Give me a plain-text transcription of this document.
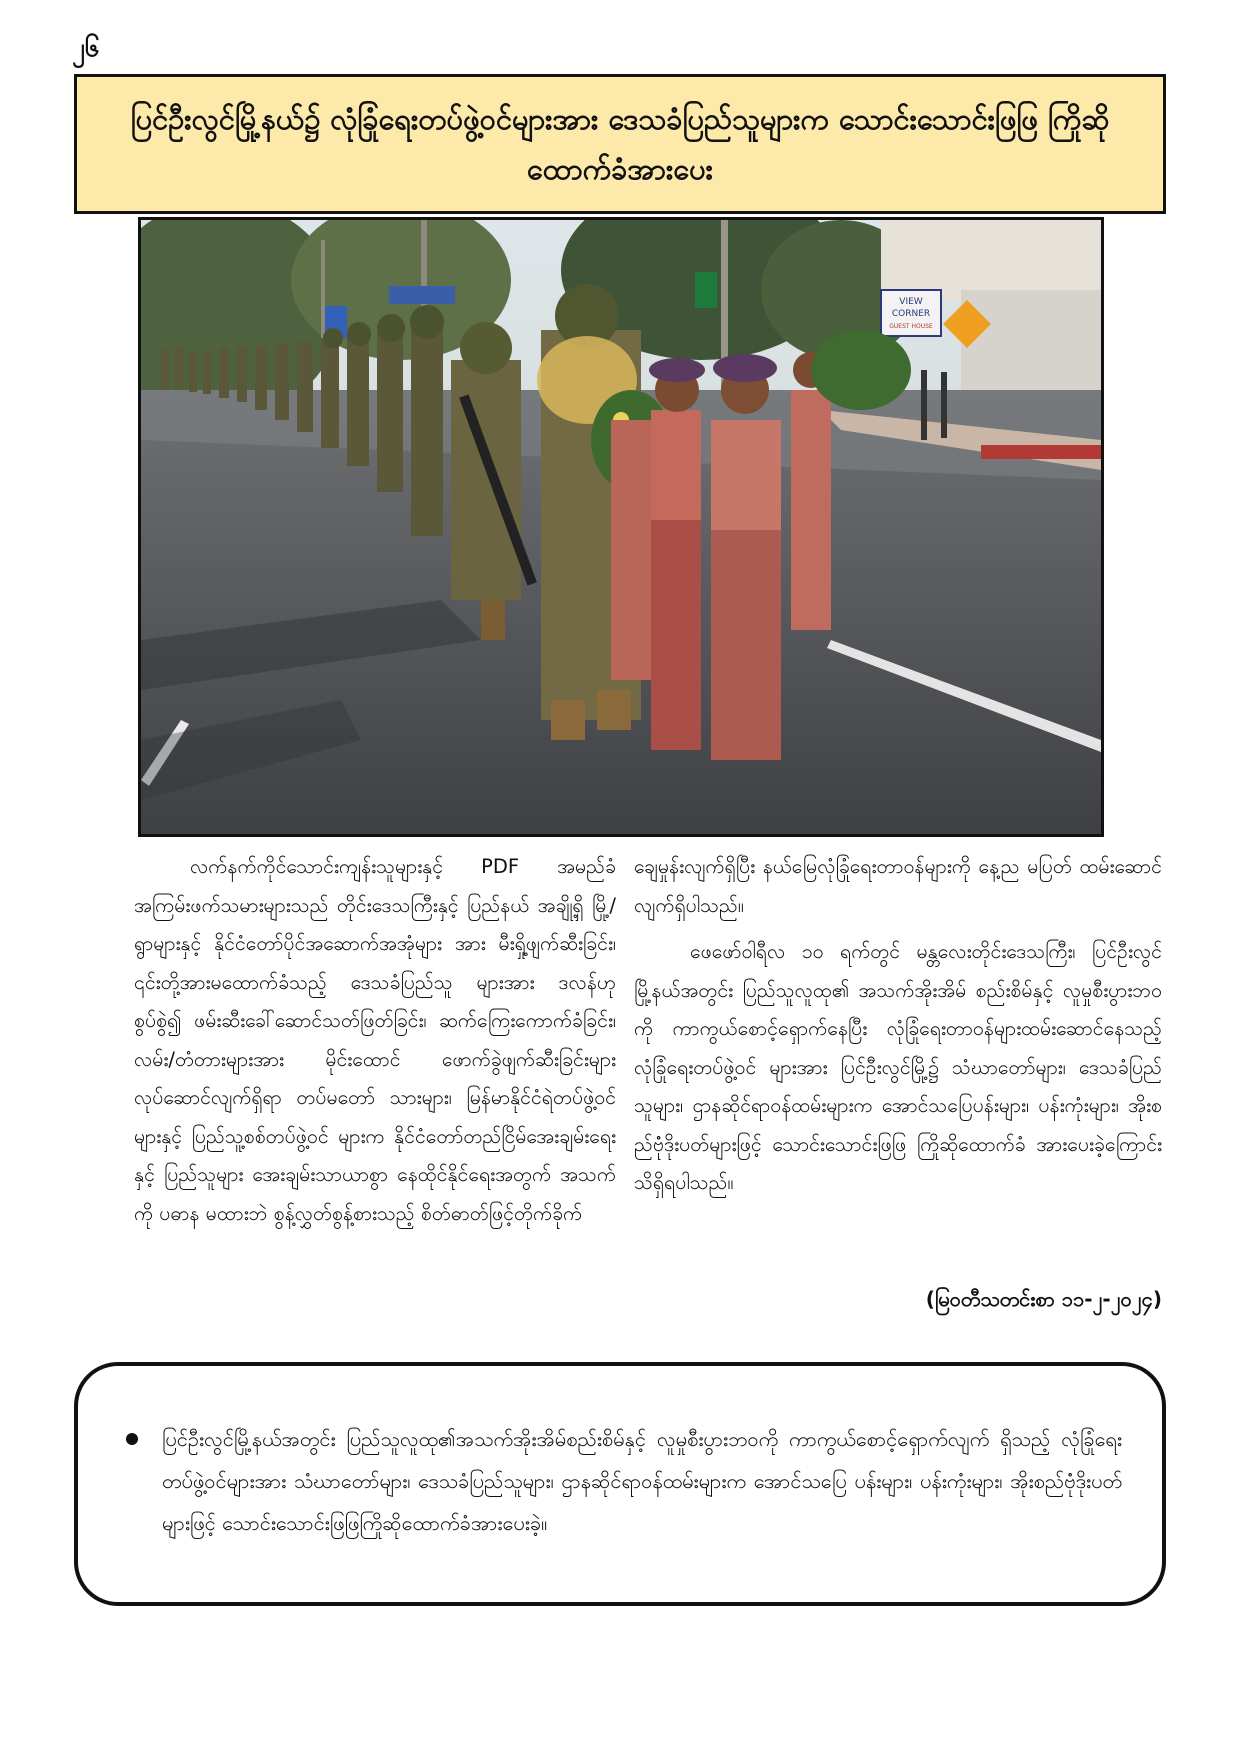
၂၆
ပြင်ဦးလွင်မြို့နယ်၌ လုံခြုံရေးတပ်ဖွဲ့ဝင်များအား ဒေသခံပြည်သူများက သောင်းသောင်းဖြဖြ ကြိုဆိုထောက်ခံအားပေး
VIEW
CORNER
GUEST HOUSE

လက်နက်ကိုင်သောင်းကျန်းသူများနှင့် PDF အမည်ခံ အကြမ်းဖက်သမားများသည် တိုင်းဒေသကြီးနှင့် ပြည်နယ် အချို့ရှိ မြို့/ရွာများနှင့် နိုင်ငံတော်ပိုင်အဆောက်အအုံများ အား မီးရှို့ဖျက်ဆီးခြင်း၊ ၎င်းတို့အားမထောက်ခံသည့် ဒေသခံပြည်သူ များအား ဒလန်ဟု စွပ်စွဲ၍ ဖမ်းဆီးခေါ်ဆောင်သတ်ဖြတ်ခြင်း၊ ဆက်ကြေးကောက်ခံခြင်း၊ လမ်း/တံတားများအား မိုင်းထောင် ဖောက်ခွဲဖျက်ဆီးခြင်းများ လုပ်ဆောင်လျက်ရှိရာ တပ်မတော် သားများ၊ မြန်မာနိုင်ငံရဲတပ်ဖွဲ့ဝင်များနှင့် ပြည်သူ့စစ်တပ်ဖွဲ့ဝင် များက နိုင်ငံတော်တည်ငြိမ်အေးချမ်းရေးနှင့် ပြည်သူများ အေးချမ်းသာယာစွာ နေထိုင်နိုင်ရေးအတွက် အသက်ကို ပဓာန မထားဘဲ စွန့်လွှတ်စွန့်စားသည့် စိတ်ဓာတ်ဖြင့်တိုက်ခိုက်

ချေမှုန်းလျက်ရှိပြီး နယ်မြေလုံခြုံရေးတာဝန်များကို နေ့ည မပြတ် ထမ်းဆောင်လျက်ရှိပါသည်။

ဖေဖော်ဝါရီလ ၁၀ ရက်တွင် မန္တလေးတိုင်းဒေသကြီး၊ ပြင်ဦးလွင်မြို့နယ်အတွင်း ပြည်သူလူထု၏ အသက်အိုးအိမ် စည်းစိမ်နှင့် လူမှုစီးပွားဘဝကို ကာကွယ်စောင့်ရှောက်နေပြီး လုံခြုံရေးတာဝန်များထမ်းဆောင်နေသည့် လုံခြုံရေးတပ်ဖွဲ့ဝင် များအား ပြင်ဦးလွင်မြို့၌ သံဃာတော်များ၊ ဒေသခံပြည်သူများ၊ ဌာနဆိုင်ရာဝန်ထမ်းများက အောင်သပြေပန်းများ၊ ပန်းကုံးများ၊ အိုးစည်ဗုံံဒိုးပတ်များဖြင့် သောင်းသောင်းဖြဖြ ကြိုဆိုထောက်ခံ အားပေးခဲ့ကြောင်း သိရှိရပါသည်။

(မြဝတီသတင်းစာ ၁၁-၂-၂၀၂၄)
ပြင်ဦးလွင်မြို့နယ်အတွင်း ပြည်သူလူထု၏အသက်အိုးအိမ်စည်းစိမ်နှင့် လူမှုစီးပွားဘဝကို ကာကွယ်စောင့်ရှောက်လျက် ရှိသည့် လုံခြုံရေးတပ်ဖွဲ့ဝင်များအား သံဃာတော်များ၊ ဒေသခံပြည်သူများ၊ ဌာနဆိုင်ရာဝန်ထမ်းများက အောင်သပြေ ပန်းများ၊ ပန်းကုံးများ၊ အိုးစည်ဗုံံဒိုးပတ်များဖြင့် သောင်းသောင်းဖြဖြကြိုဆိုထောက်ခံအားပေးခဲ့။
